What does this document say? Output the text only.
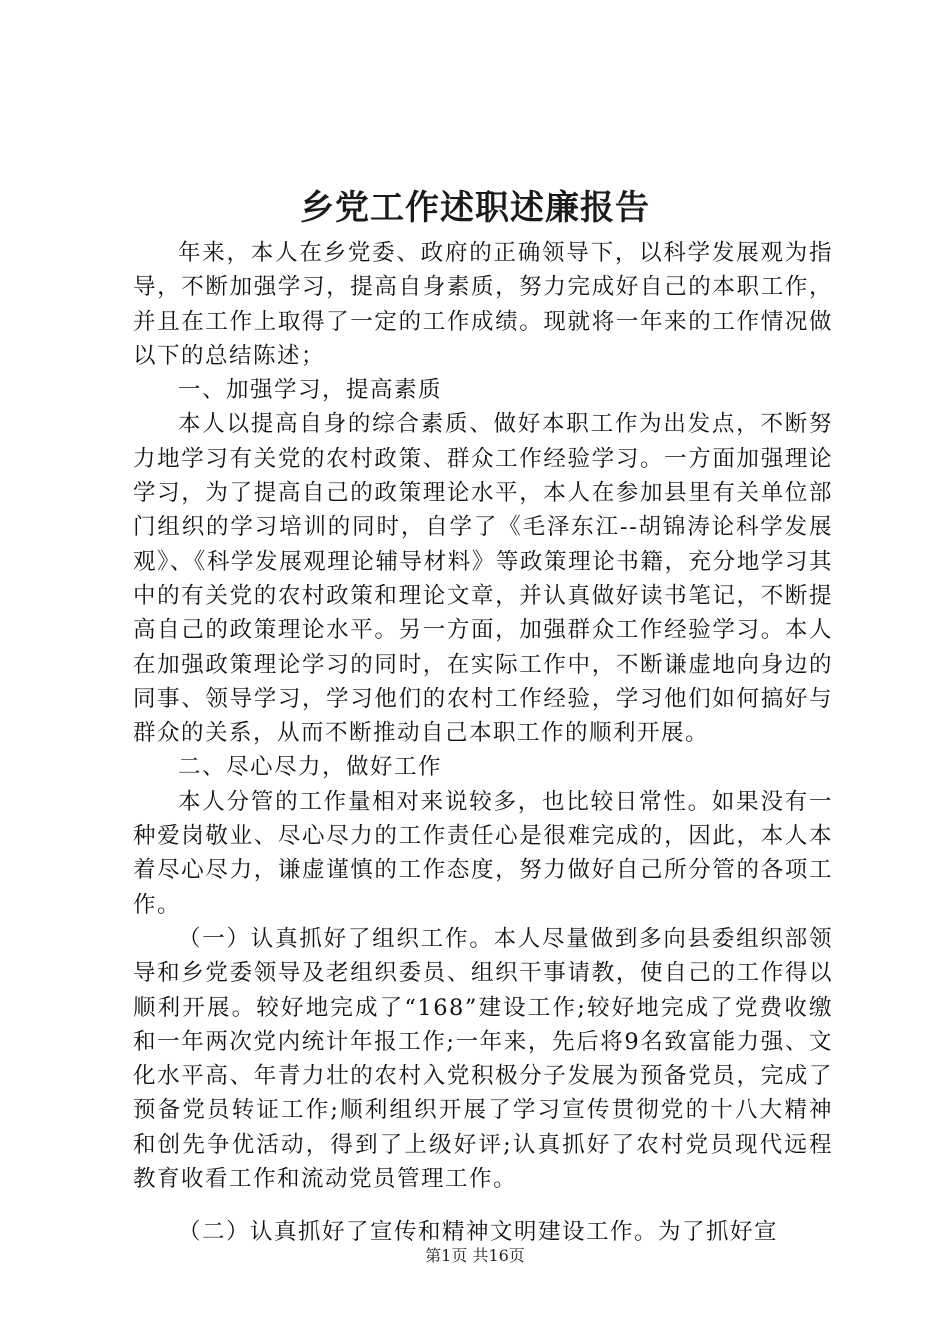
乡党工作述职述廉报告

年来，本人在乡党委、政府的正确领导下，以科学发展观为指导，不断加强学习，提高自身素质，努力完成好自己的本职工作，并且在工作上取得了一定的工作成绩。现就将一年来的工作情况做以下的总结陈述；

一、加强学习，提高素质

本人以提高自身的综合素质、做好本职工作为出发点，不断努力地学习有关党的农村政策、群众工作经验学习。一方面加强理论学习，为了提高自己的政策理论水平，本人在参加县里有关单位部门组织的学习培训的同时，自学了《毛泽东江--胡锦涛论科学发展观》、《科学发展观理论辅导材料》等政策理论书籍，充分地学习其中的有关党的农村政策和理论文章，并认真做好读书笔记，不断提高自己的政策理论水平。另一方面，加强群众工作经验学习。本人在加强政策理论学习的同时，在实际工作中，不断谦虚地向身边的同事、领导学习，学习他们的农村工作经验，学习他们如何搞好与群众的关系，从而不断推动自己本职工作的顺利开展。

二、尽心尽力，做好工作

本人分管的工作量相对来说较多，也比较日常性。如果没有一种爱岗敬业、尽心尽力的工作责任心是很难完成的，因此，本人本着尽心尽力，谦虚谨慎的工作态度，努力做好自己所分管的各项工作。

（一）认真抓好了组织工作。本人尽量做到多向县委组织部领导和乡党委领导及老组织委员、组织干事请教，使自己的工作得以顺利开展。较好地完成了“168”建设工作;较好地完成了党费收缴和一年两次党内统计年报工作;一年来，先后将9名致富能力强、文化水平高、年青力壮的农村入党积极分子发展为预备党员，完成了预备党员转证工作;顺利组织开展了学习宣传贯彻党的十八大精神和创先争优活动，得到了上级好评;认真抓好了农村党员现代远程教育收看工作和流动党员管理工作。

（二）认真抓好了宣传和精神文明建设工作。为了抓好宣

第1页 共16页
